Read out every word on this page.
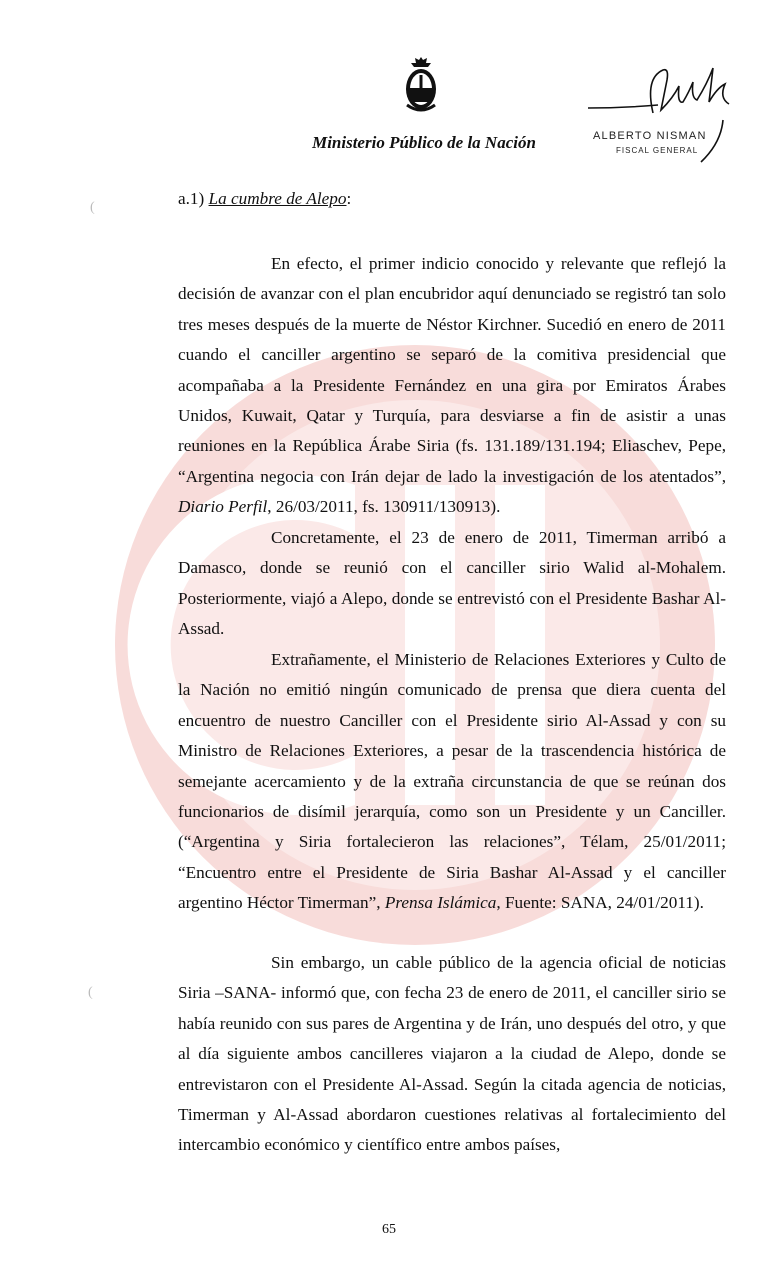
Ministerio Público de la Nación	ALBERTO NISMAN
FISCAL GENERAL
a.1) La cumbre de Alepo:
En efecto, el primer indicio conocido y relevante que reflejó la decisión de avanzar con el plan encubridor aquí denunciado se registró tan solo tres meses después de la muerte de Néstor Kirchner. Sucedió en enero de 2011 cuando el canciller argentino se separó de la comitiva presidencial que acompañaba a la Presidente Fernández en una gira por Emiratos Árabes Unidos, Kuwait, Qatar y Turquía, para desviarse a fin de asistir a unas reuniones en la República Árabe Siria (fs. 131.189/131.194; Eliaschev, Pepe, “Argentina negocia con Irán dejar de lado la investigación de los atentados”, Diario Perfil, 26/03/2011, fs. 130911/130913).
Concretamente, el 23 de enero de 2011, Timerman arribó a Damasco, donde se reunió con el canciller sirio Walid al-Mohalem. Posteriormente, viajó a Alepo, donde se entrevistó con el Presidente Bashar Al-Assad.
Extrañamente, el Ministerio de Relaciones Exteriores y Culto de la Nación no emitió ningún comunicado de prensa que diera cuenta del encuentro de nuestro Canciller con el Presidente sirio Al-Assad y con su Ministro de Relaciones Exteriores, a pesar de la trascendencia histórica de semejante acercamiento y de la extraña circunstancia de que se reúnan dos funcionarios de disímil jerarquía, como son un Presidente y un Canciller. (“Argentina y Siria fortalecieron las relaciones”, Télam, 25/01/2011; “Encuentro entre el Presidente de Siria Bashar Al-Assad y el canciller argentino Héctor Timerman”, Prensa Islámica, Fuente: SANA, 24/01/2011).
Sin embargo, un cable público de la agencia oficial de noticias Siria –SANA- informó que, con fecha 23 de enero de 2011, el canciller sirio se había reunido con sus pares de Argentina y de Irán, uno después del otro, y que al día siguiente ambos cancilleres viajaron a la ciudad de Alepo, donde se entrevistaron con el Presidente Al-Assad. Según la citada agencia de noticias, Timerman y Al-Assad abordaron cuestiones relativas al fortalecimiento del intercambio económico y científico entre ambos países,
65
(
(
